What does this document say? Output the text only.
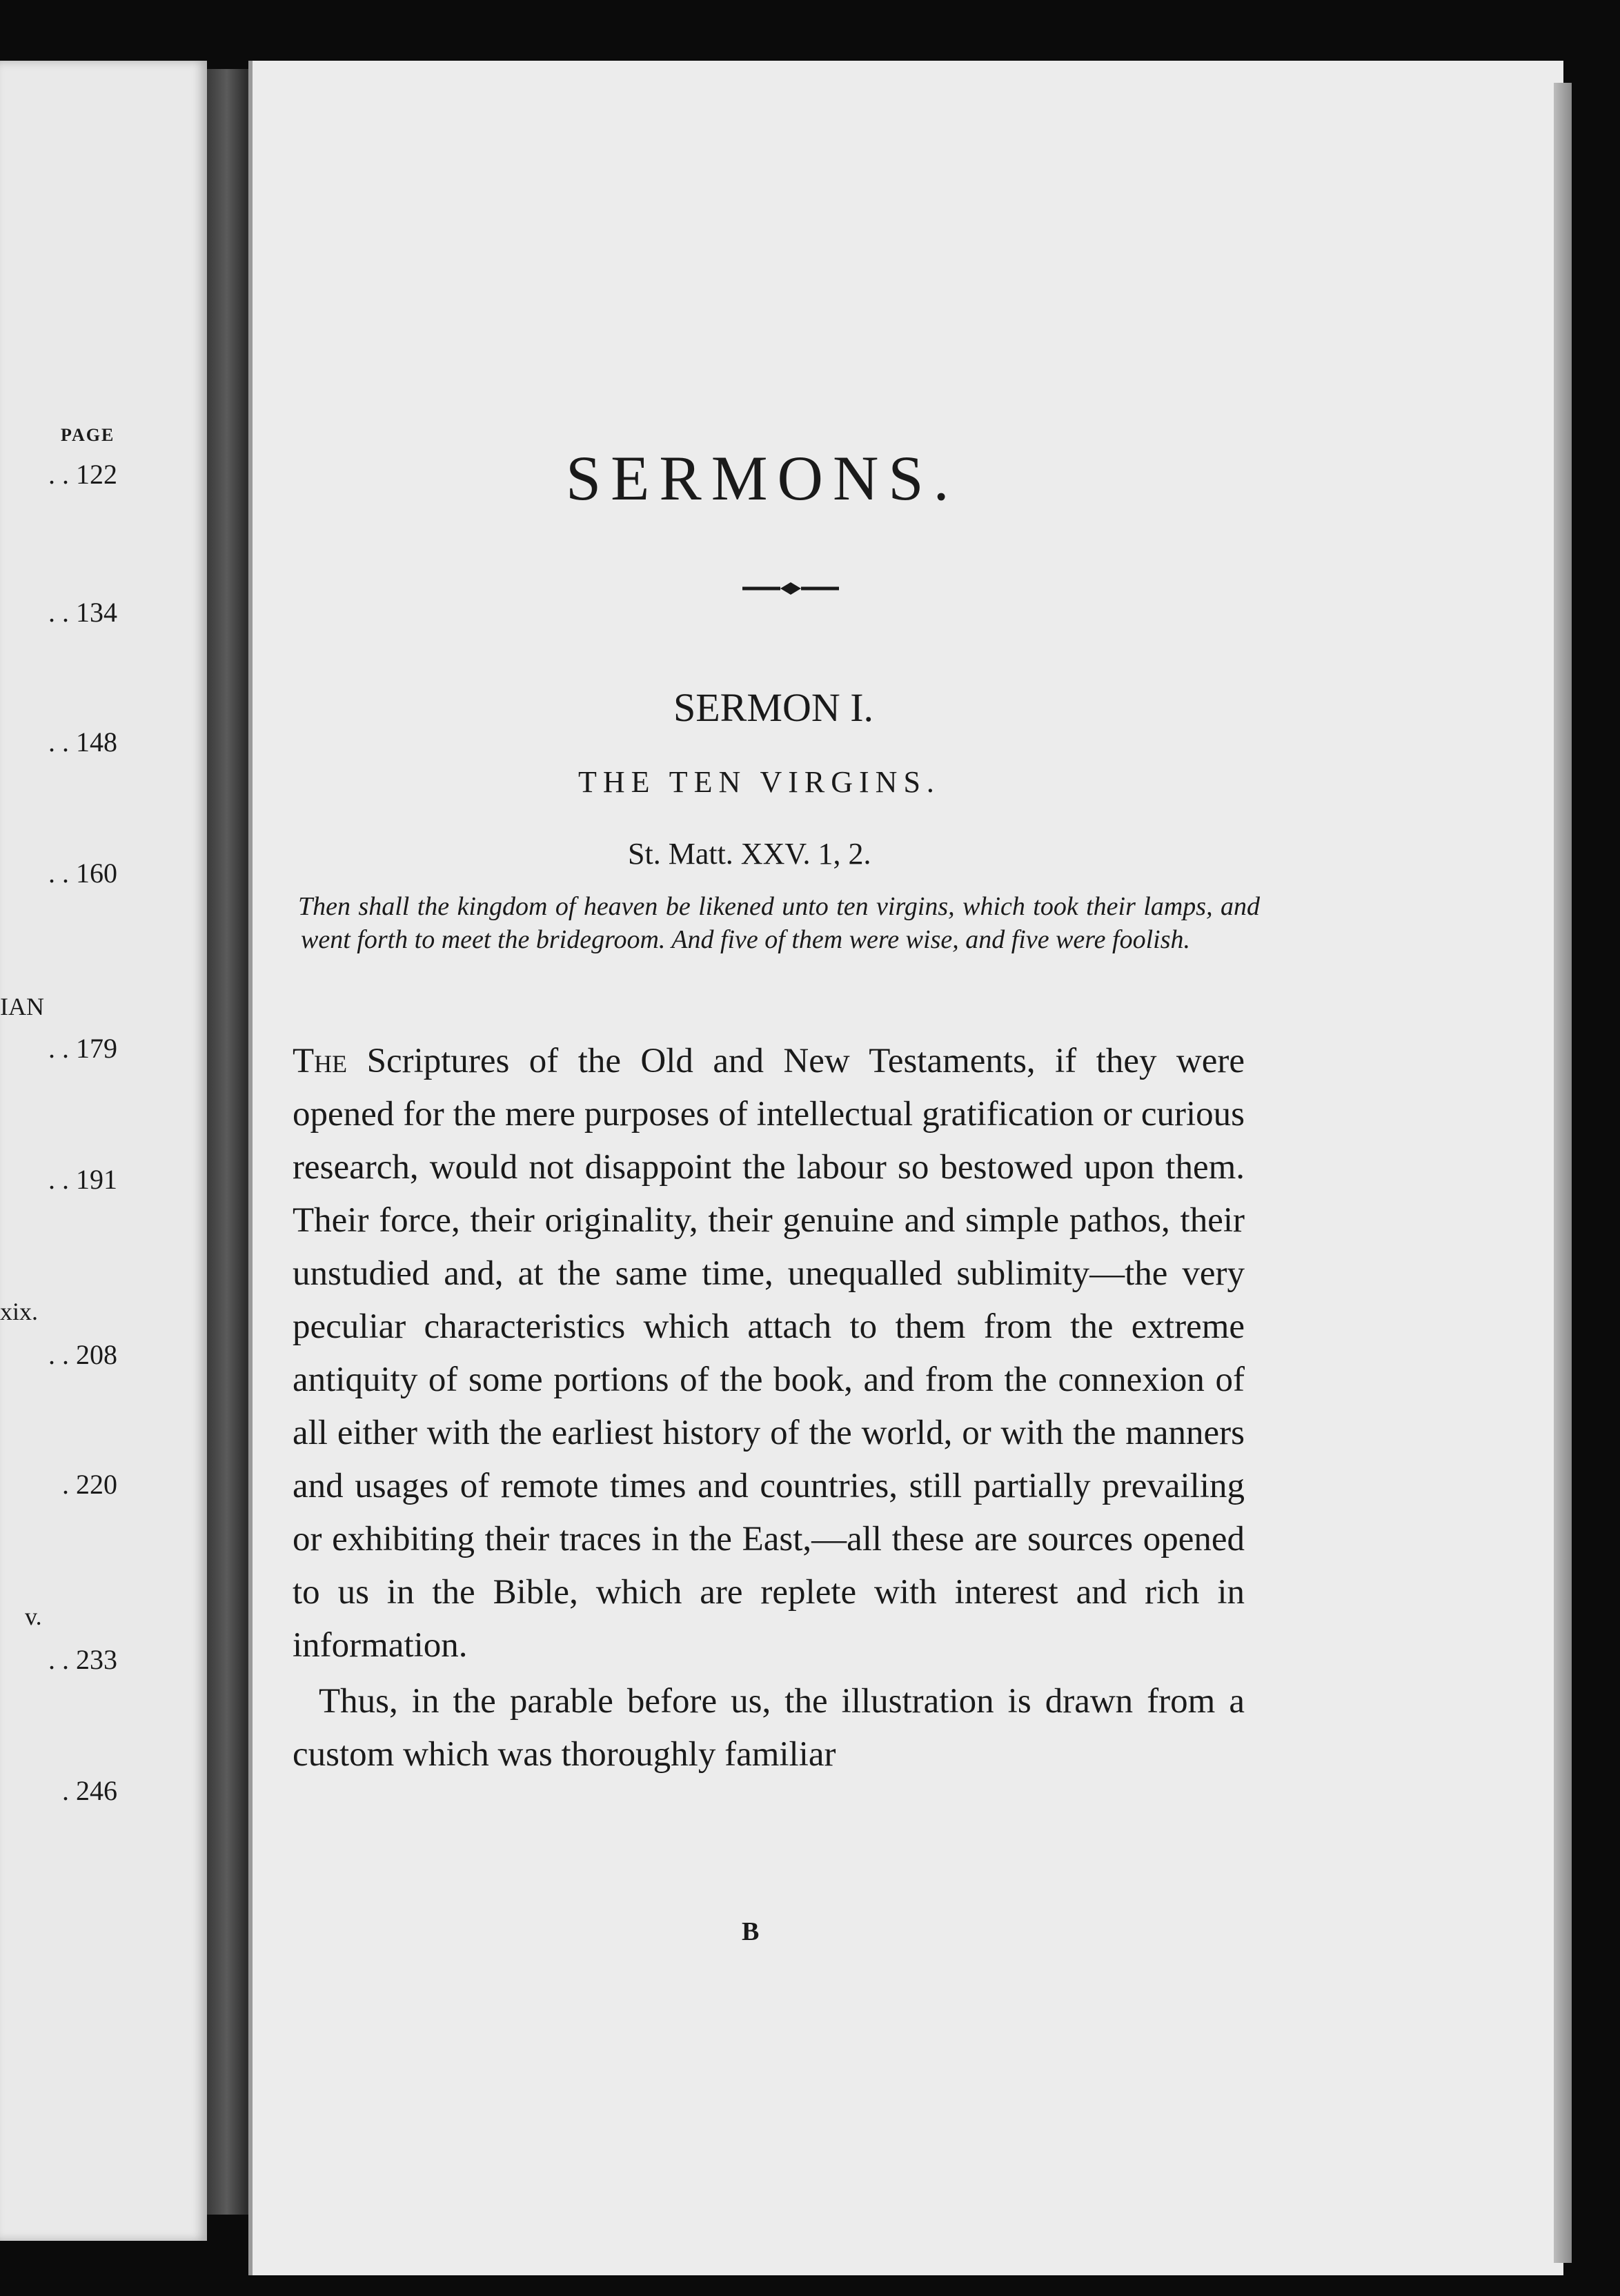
PAGE
. . 122
. . 134
. . 148
. . 160
IAN
. . 179
. . 191
xix.
. . 208
. 220
v.
. . 233
. 246
SERMONS.
SERMON I.
THE TEN VIRGINS.
St. Matt. XXV. 1, 2.
Then shall the kingdom of heaven be likened unto ten virgins, which took their lamps, and went forth to meet the bridegroom. And five of them were wise, and five were foolish.

The Scriptures of the Old and New Testaments, if they were opened for the mere purposes of intellectual gratification or curious research, would not disappoint the labour so bestowed upon them. Their force, their originality, their genuine and simple pathos, their unstudied and, at the same time, unequalled sublimity—the very peculiar characteristics which attach to them from the extreme antiquity of some portions of the book, and from the connexion of all either with the earliest history of the world, or with the manners and usages of remote times and countries, still partially prevailing or exhibiting their traces in the East,—all these are sources opened to us in the Bible, which are replete with interest and rich in information.

Thus, in the parable before us, the illustration is drawn from a custom which was thoroughly familiar

B
